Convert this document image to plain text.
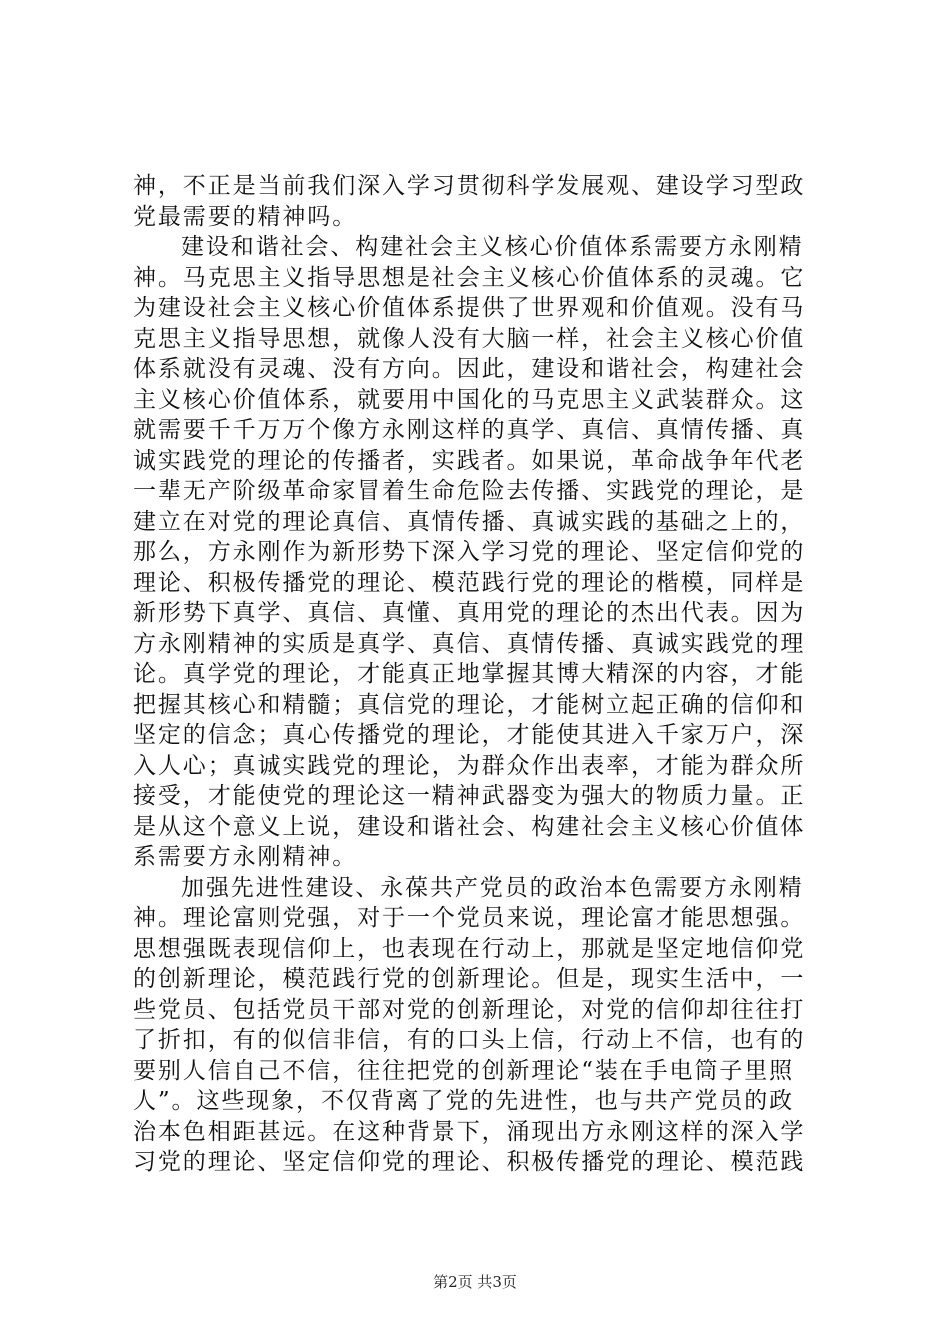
神，不正是当前我们深入学习贯彻科学发展观、建设学习型政
党最需要的精神吗。
建设和谐社会、构建社会主义核心价值体系需要方永刚精
神。马克思主义指导思想是社会主义核心价值体系的灵魂。它
为建设社会主义核心价值体系提供了世界观和价值观。没有马
克思主义指导思想，就像人没有大脑一样，社会主义核心价值
体系就没有灵魂、没有方向。因此，建设和谐社会，构建社会
主义核心价值体系，就要用中国化的马克思主义武装群众。这
就需要千千万万个像方永刚这样的真学、真信、真情传播、真
诚实践党的理论的传播者，实践者。如果说，革命战争年代老
一辈无产阶级革命家冒着生命危险去传播、实践党的理论，是
建立在对党的理论真信、真情传播、真诚实践的基础之上的，
那么，方永刚作为新形势下深入学习党的理论、坚定信仰党的
理论、积极传播党的理论、模范践行党的理论的楷模，同样是
新形势下真学、真信、真懂、真用党的理论的杰出代表。因为
方永刚精神的实质是真学、真信、真情传播、真诚实践党的理
论。真学党的理论，才能真正地掌握其博大精深的内容，才能
把握其核心和精髓；真信党的理论，才能树立起正确的信仰和
坚定的信念；真心传播党的理论，才能使其进入千家万户，深
入人心；真诚实践党的理论，为群众作出表率，才能为群众所
接受，才能使党的理论这一精神武器变为强大的物质力量。正
是从这个意义上说，建设和谐社会、构建社会主义核心价值体
系需要方永刚精神。
加强先进性建设、永葆共产党员的政治本色需要方永刚精
神。理论富则党强，对于一个党员来说，理论富才能思想强。
思想强既表现信仰上，也表现在行动上，那就是坚定地信仰党
的创新理论，模范践行党的创新理论。但是，现实生活中，一
些党员、包括党员干部对党的创新理论，对党的信仰却往往打
了折扣，有的似信非信，有的口头上信，行动上不信，也有的
要别人信自己不信，往往把党的创新理论“装在手电筒子里照
人”。这些现象，不仅背离了党的先进性，也与共产党员的政
治本色相距甚远。在这种背景下，涌现出方永刚这样的深入学
习党的理论、坚定信仰党的理论、积极传播党的理论、模范践
第2页 共3页
